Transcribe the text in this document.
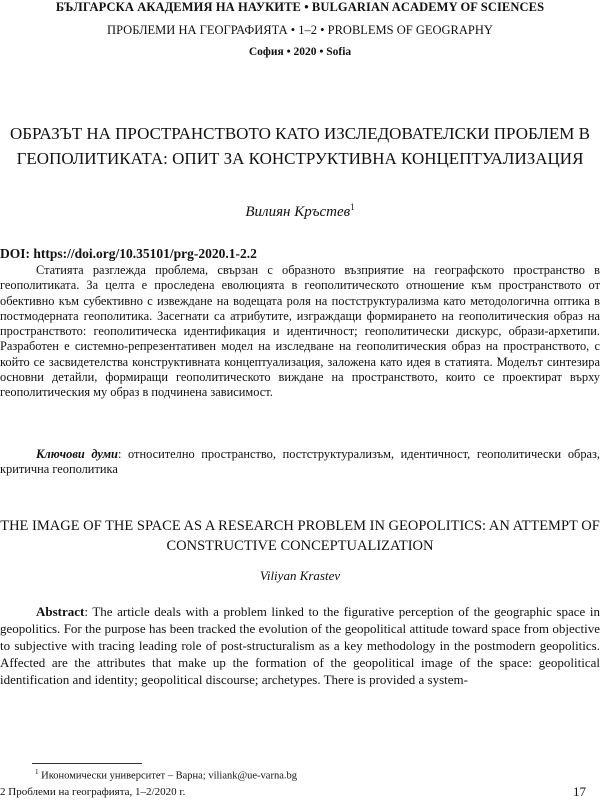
БЪЛГАРСКА АКАДЕМИЯ НА НАУКИТЕ • BULGARIAN ACADEMY OF SCIENCES
ПРОБЛЕМИ НА ГЕОГРАФИЯТА • 1–2 • PROBLEMS OF GEOGRAPHY
София • 2020 • Sofia
ОБРАЗЪТ НА ПРОСТРАНСТВОТО КАТО ИЗСЛЕДОВАТЕЛСКИ ПРОБЛЕМ В ГЕОПОЛИТИКАТА: ОПИТ ЗА КОНСТРУКТИВНА КОНЦЕПТУАЛИЗАЦИЯ
Вилиян Кръстев$^1$
DOI: https://doi.org/10.35101/prg-2020.1-2.2

Статията разглежда проблема, свързан с образното възприятие на географското пространство в геополитиката. За целта е проследена еволюцията в геополитическото отношение към пространството от обективно към субективно с извеждане на водещата роля на постструктурализма като методологична оптика в постмодерната геополитика. Засегнати са атрибутите, изграждащи формирането на геополитическия образ на пространството: геополитическа идентификация и идентичност; геополитически дискурс, образи-архетипи. Разработен е системно-репрезентативен модел на изследване на геополитическия образ на пространството, с който се засвидетелства конструктивната концептуализация, заложена като идея в статията. Моделът синтезира основни детайли, формиращи геополитическото виждане на пространството, които се проектират върху геополитическия му образ в подчинена зависимост.

Ключови думи: относително пространство, постструктурализъм, идентичност, геополитически образ, критична геополитика

THE IMAGE OF THE SPACE AS A RESEARCH PROBLEM IN GEOPOLITICS: AN ATTEMPT OF CONSTRUCTIVE CONCEPTUALIZATION
Viliyan Krastev

Abstract: The article deals with a problem linked to the figurative perception of the geographic space in geopolitics. For the purpose has been tracked the evolution of the geopolitical attitude toward space from objective to subjective with tracing leading role of post-structuralism as a key methodology in the postmodern geopolitics. Affected are the attributes that make up the formation of the geopolitical image of the space: geopolitical identification and identity; geopolitical discourse; archetypes. There is provided a system-

$^1$ Икономически университет – Варна; viliank@ue-varna.bg
2 Проблеми на географията, 1–2/2020 г.	17
